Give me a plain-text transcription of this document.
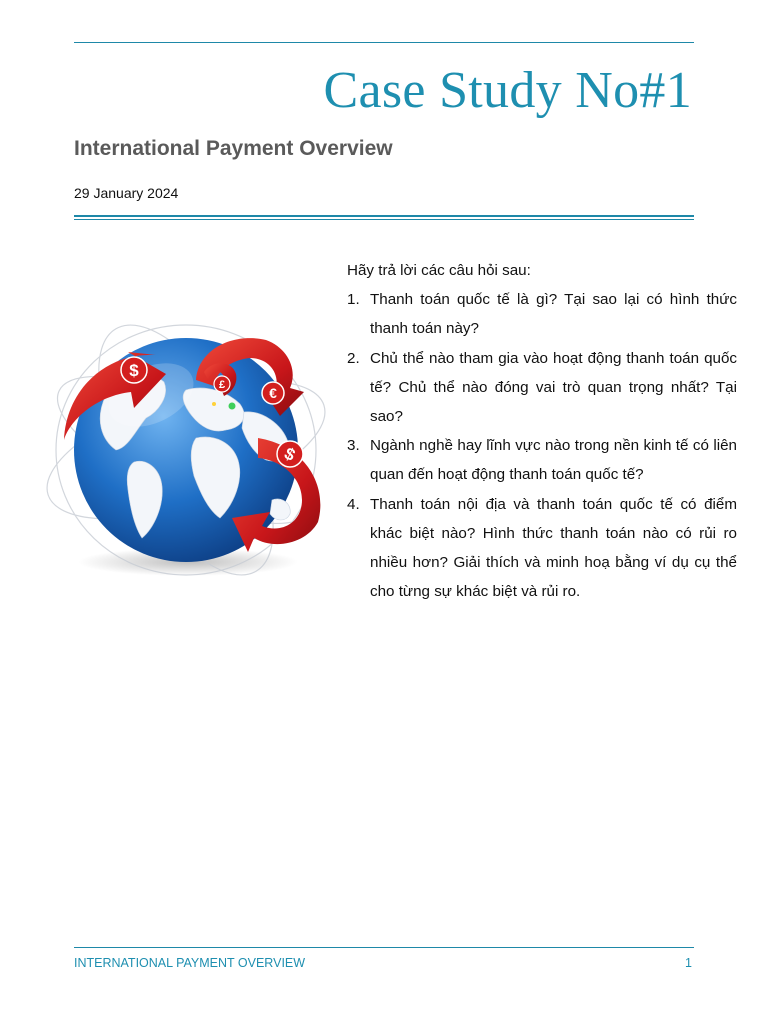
Case Study No#1
International Payment Overview
29 January 2024
$
€
£
$

Hãy trả lời các câu hỏi sau:

1. Thanh toán quốc tế là gì? Tại sao lại có hình thức thanh toán này?
2. Chủ thể nào tham gia vào hoạt động thanh toán quốc tế? Chủ thể nào đóng vai trò quan trọng nhất? Tại sao?
3. Ngành nghề hay lĩnh vực nào trong nền kinh tế có liên quan đến hoạt động thanh toán quốc tế?
4. Thanh toán nội địa và thanh toán quốc tế có điểm khác biệt nào? Hình thức thanh toán nào có rủi ro nhiều hơn? Giải thích và minh hoạ bằng ví dụ cụ thể cho từng sự khác biệt và rủi ro.
INTERNATIONAL PAYMENT OVERVIEW	1
